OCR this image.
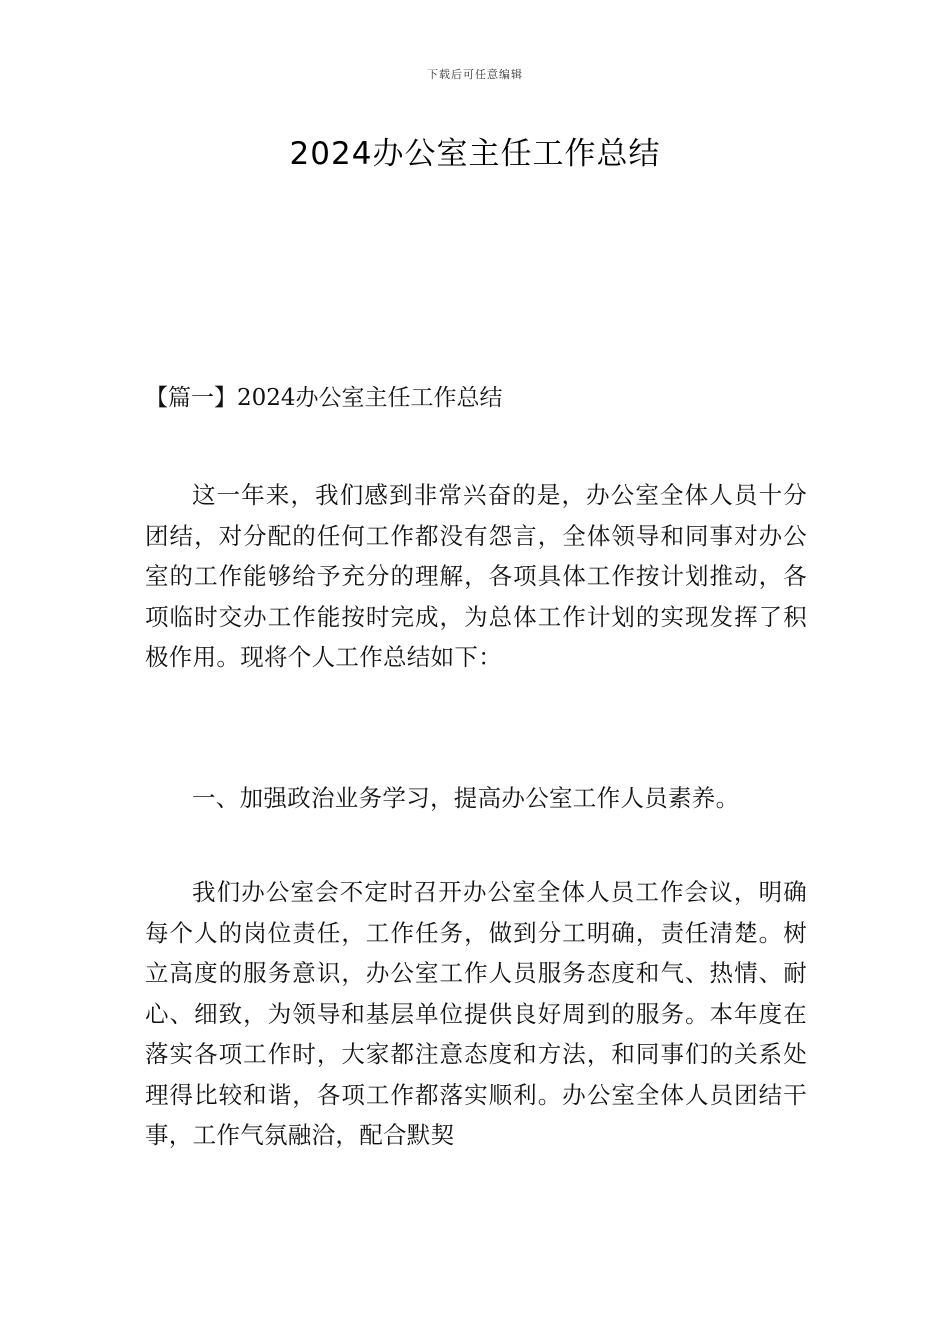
下载后可任意编辑
2024办公室主任工作总结

【篇一】2024办公室主任工作总结

这一年来，我们感到非常兴奋的是，办公室全体人员十分团结，对分配的任何工作都没有怨言，全体领导和同事对办公室的工作能够给予充分的理解，各项具体工作按计划推动，各项临时交办工作能按时完成，为总体工作计划的实现发挥了积极作用。现将个人工作总结如下：

一、加强政治业务学习，提高办公室工作人员素养。

我们办公室会不定时召开办公室全体人员工作会议，明确每个人的岗位责任，工作任务，做到分工明确，责任清楚。树立高度的服务意识，办公室工作人员服务态度和气、热情、耐心、细致，为领导和基层单位提供良好周到的服务。本年度在落实各项工作时，大家都注意态度和方法，和同事们的关系处理得比较和谐，各项工作都落实顺利。办公室全体人员团结干事，工作气氛融洽，配合默契
